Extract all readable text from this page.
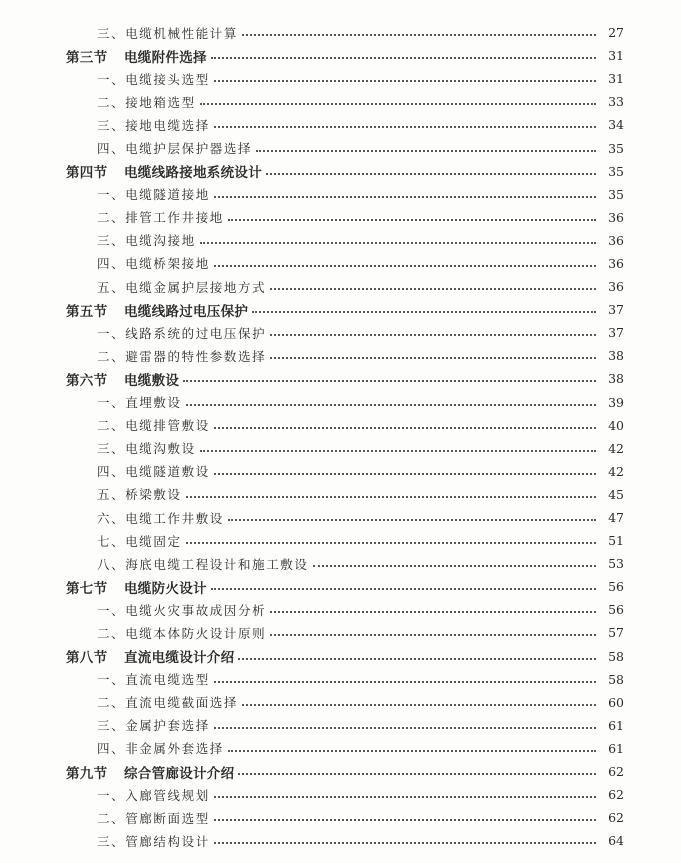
三、电缆机械性能计算	27
第三节 电缆附件选择	31
一、电缆接头选型	31
二、接地箱选型	33
三、接地电缆选择	34
四、电缆护层保护器选择	35
第四节 电缆线路接地系统设计	35
一、电缆隧道接地	35
二、排管工作井接地	36
三、电缆沟接地	36
四、电缆桥架接地	36
五、电缆金属护层接地方式	36
第五节 电缆线路过电压保护	37
一、线路系统的过电压保护	37
二、避雷器的特性参数选择	38
第六节 电缆敷设	38
一、直埋敷设	39
二、电缆排管敷设	40
三、电缆沟敷设	42
四、电缆隧道敷设	42
五、桥梁敷设	45
六、电缆工作井敷设	47
七、电缆固定	51
八、海底电缆工程设计和施工敷设	53
第七节 电缆防火设计	56
一、电缆火灾事故成因分析	56
二、电缆本体防火设计原则	57
第八节 直流电缆设计介绍	58
一、直流电缆选型	58
二、直流电缆截面选择	60
三、金属护套选择	61
四、非金属外套选择	61
第九节 综合管廊设计介绍	62
一、入廊管线规划	62
二、管廊断面选型	62
三、管廊结构设计	64
